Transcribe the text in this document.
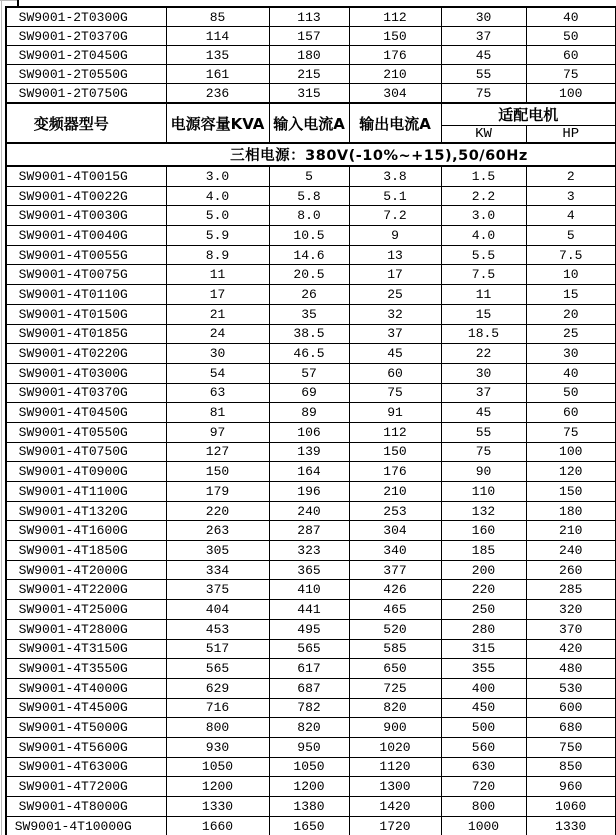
SW9001-2T0300G	85	113	112	30	40
SW9001-2T0370G	114	157	150	37	50
SW9001-2T0450G	135	180	176	45	60
SW9001-2T0550G	161	215	210	55	75
SW9001-2T0750G	236	315	304	75	100
变频器型号	电源容量KVA	输入电流A	输出电流A	适配电机	
				KW	HP
三相电源：380V(-10%~+15),50/60Hz					
SW9001-4T0015G	3.0	5	3.8	1.5	2
SW9001-4T0022G	4.0	5.8	5.1	2.2	3
SW9001-4T0030G	5.0	8.0	7.2	3.0	4
SW9001-4T0040G	5.9	10.5	9	4.0	5
SW9001-4T0055G	8.9	14.6	13	5.5	7.5
SW9001-4T0075G	11	20.5	17	7.5	10
SW9001-4T0110G	17	26	25	11	15
SW9001-4T0150G	21	35	32	15	20
SW9001-4T0185G	24	38.5	37	18.5	25
SW9001-4T0220G	30	46.5	45	22	30
SW9001-4T0300G	54	57	60	30	40
SW9001-4T0370G	63	69	75	37	50
SW9001-4T0450G	81	89	91	45	60
SW9001-4T0550G	97	106	112	55	75
SW9001-4T0750G	127	139	150	75	100
SW9001-4T0900G	150	164	176	90	120
SW9001-4T1100G	179	196	210	110	150
SW9001-4T1320G	220	240	253	132	180
SW9001-4T1600G	263	287	304	160	210
SW9001-4T1850G	305	323	340	185	240
SW9001-4T2000G	334	365	377	200	260
SW9001-4T2200G	375	410	426	220	285
SW9001-4T2500G	404	441	465	250	320
SW9001-4T2800G	453	495	520	280	370
SW9001-4T3150G	517	565	585	315	420
SW9001-4T3550G	565	617	650	355	480
SW9001-4T4000G	629	687	725	400	530
SW9001-4T4500G	716	782	820	450	600
SW9001-4T5000G	800	820	900	500	680
SW9001-4T5600G	930	950	1020	560	750
SW9001-4T6300G	1050	1050	1120	630	850
SW9001-4T7200G	1200	1200	1300	720	960
SW9001-4T8000G	1330	1380	1420	800	1060
SW9001-4T10000G	1660	1650	1720	1000	1330
